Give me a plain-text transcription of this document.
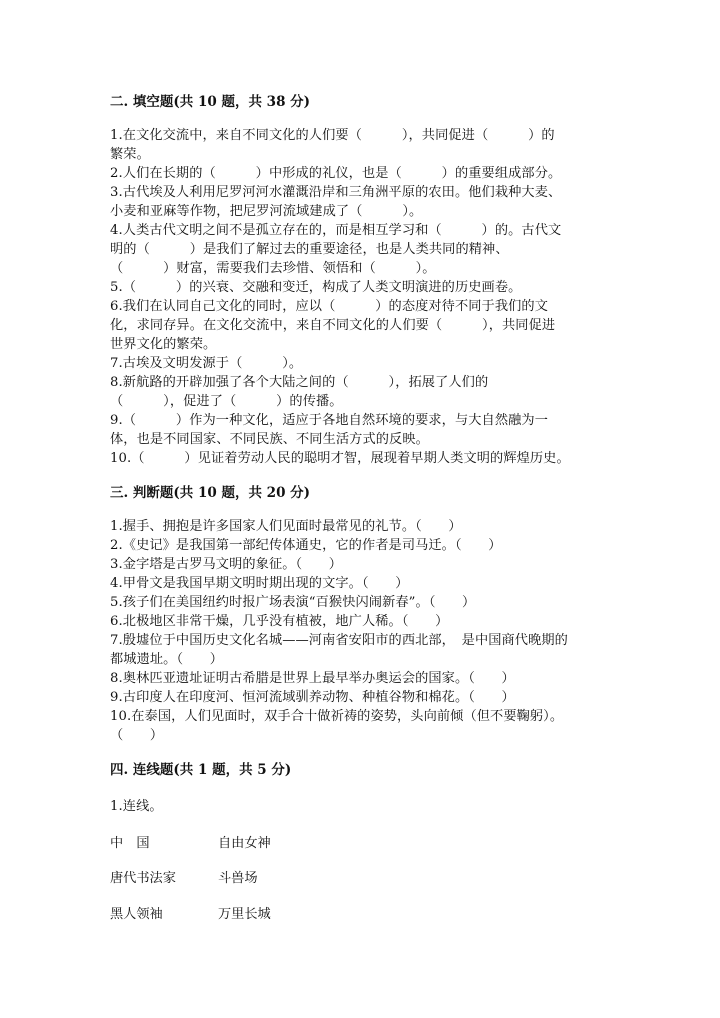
二. 填空题(共 10 题，共 38 分)
1.在文化交流中，来自不同文化的人们要（　　　），共同促进（　　　）的
繁荣。
2.人们在长期的（　　　）中形成的礼仪，也是（　　　）的重要组成部分。
3.古代埃及人利用尼罗河河水灌溉沿岸和三角洲平原的农田。他们栽种大麦、
小麦和亚麻等作物，把尼罗河流域建成了（　　　）。
4.人类古代文明之间不是孤立存在的，而是相互学习和（　　　）的。古代文
明的（　　　）是我们了解过去的重要途径，也是人类共同的精神、
（　　　）财富，需要我们去珍惜、领悟和（　　　）。
5.（　　　）的兴衰、交融和变迁，构成了人类文明演进的历史画卷。
6.我们在认同自己文化的同时，应以（　　　）的态度对待不同于我们的文
化，求同存异。在文化交流中，来自不同文化的人们要（　　　），共同促进
世界文化的繁荣。
7.古埃及文明发源于（　　　）。
8.新航路的开辟加强了各个大陆之间的（　　　），拓展了人们的
（　　　），促进了（　　　）的传播。
9.（　　　）作为一种文化，适应于各地自然环境的要求，与大自然融为一
体，也是不同国家、不同民族、不同生活方式的反映。
10.（　　　）见证着劳动人民的聪明才智，展现着早期人类文明的辉煌历史。
三. 判断题(共 10 题，共 20 分)
1.握手、拥抱是许多国家人们见面时最常见的礼节。（　　）
2.《史记》是我国第一部纪传体通史，它的作者是司马迁。（　　）
3.金字塔是古罗马文明的象征。（　　）
4.甲骨文是我国早期文明时期出现的文字。（　　）
5.孩子们在美国纽约时报广场表演“百猴快闪闹新春”。（　　）
6.北极地区非常干燥，几乎没有植被，地广人稀。（　　）
7.殷墟位于中国历史文化名城——河南省安阳市的西北部，　是中国商代晚期的
都城遗址。（　　）
8.奥林匹亚遗址证明古希腊是世界上最早举办奥运会的国家。（　　）
9.古印度人在印度河、恒河流域驯养动物、种植谷物和棉花。（　　）
10.在泰国，人们见面时，双手合十做祈祷的姿势，头向前倾（但不要鞠躬）。
（　　）
四. 连线题(共 1 题，共 5 分)
1.连线。
中　国	自由女神
唐代书法家	斗兽场
黑人领袖	万里长城
